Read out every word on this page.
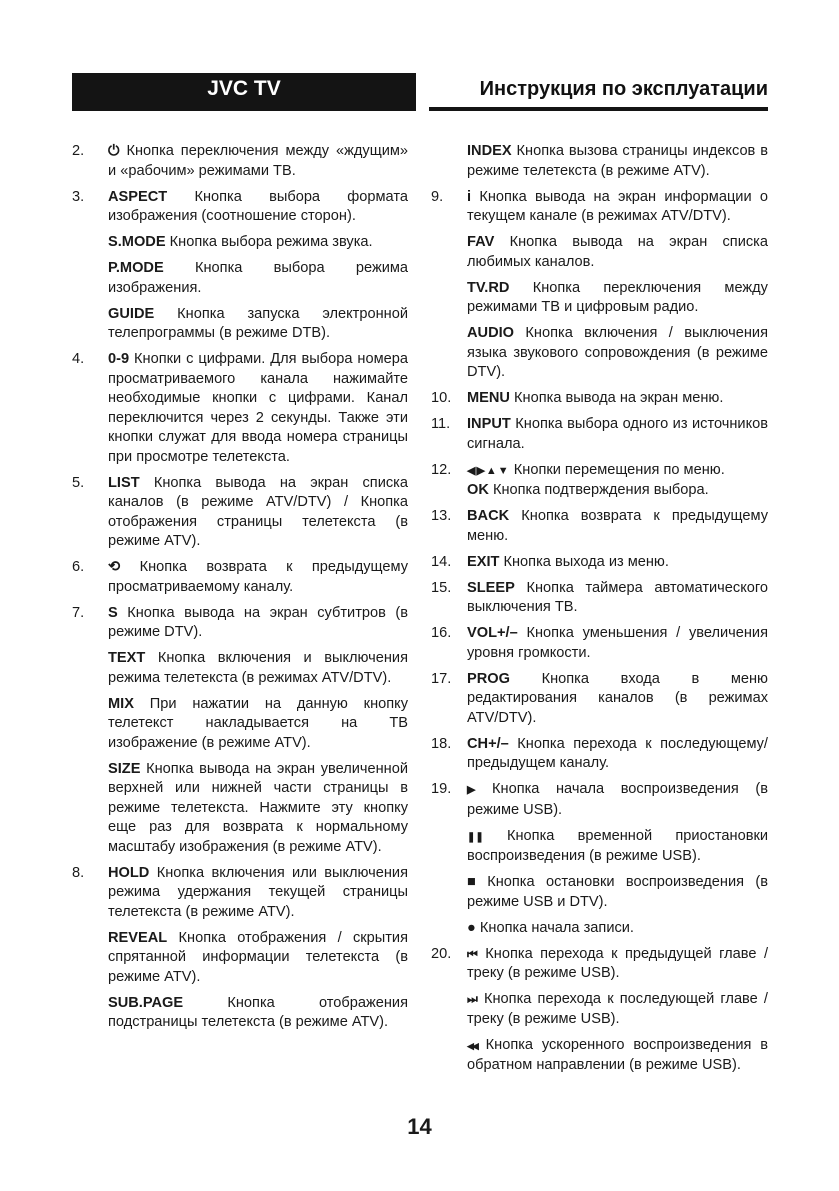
JVC TV	Инструкция по эксплуатации
2. ⏻ Кнопка переключения между «ждущим» и «рабочим» режимами ТВ.
3. ASPECT Кнопка выбора формата изображения (соотношение сторон).
S.MODE Кнопка выбора режима звука.
P.MODE Кнопка выбора режима изображения.
GUIDE Кнопка запуска электронной телепрограммы (в режиме DTB).
4. 0-9 Кнопки с цифрами. Для выбора номера просматриваемого канала нажимайте необходимые кнопки с цифрами. Канал переключится через 2 секунды. Также эти кнопки служат для ввода номера страницы при просмотре телетекста.
5. LIST Кнопка вывода на экран списка каналов (в режиме ATV/DTV) / Кнопка отображения страницы телетекста (в режиме ATV).
6. ⟲ Кнопка возврата к предыдущему просматриваемому каналу.
7. S Кнопка вывода на экран субтитров (в режиме DTV).
TEXT Кнопка включения и выключения режима телетекста (в режимах ATV/DTV).
MIX При нажатии на данную кнопку телетекст накладывается на ТВ изображение (в режиме ATV).
SIZE Кнопка вывода на экран увеличенной верхней или нижней части страницы в режиме телетекста. Нажмите эту кнопку еще раз для возврата к нормальному масштабу изображения (в режиме ATV).
8. HOLD Кнопка включения или выключения режима удержания текущей страницы телетекста (в режиме ATV).
REVEAL Кнопка отображения / скрытия спрятанной информации телетекста (в режиме ATV).
SUB.PAGE	Кнопка отображения подстраницы телетекста (в режиме ATV).
INDEX Кнопка вызова страницы индексов в режиме телетекста (в режиме ATV).
9. i Кнопка вывода на экран информации о текущем канале (в режимах ATV/DTV).
FAV Кнопка вывода на экран списка любимых каналов.
TV.RD Кнопка переключения между режимами ТВ и цифровым радио.
AUDIO Кнопка включения / выключения языка звукового сопровождения (в режиме DTV).
10. MENU Кнопка вывода на экран меню.
11. INPUT Кнопка выбора одного из источников сигнала.
12. ◀▶▲▼ Кнопки перемещения по меню.
OK Кнопка подтверждения выбора.
13. BACK Кнопка возврата к предыдущему меню.
14. EXIT Кнопка выхода из меню.
15. SLEEP Кнопка таймера автоматического выключения ТВ.
16. VOL+/– Кнопка уменьшения / увеличения уровня громкости.
17. PROG Кнопка входа в меню редактирования каналов (в режимах ATV/DTV).
18. CH+/– Кнопка перехода к последующему/предыдущем каналу.
19. ▶ Кнопка начала воспроизведения (в режиме USB).
❚❚ Кнопка временной приостановки воспроизведения (в режиме USB).
■ Кнопка остановки воспроизведения (в режиме USB и DTV).
● Кнопка начала записи.
20. ⏮ Кнопка перехода к предыдущей главе /треку (в режиме USB).
⏭ Кнопка перехода к последующей главе / треку (в режиме USB).
◀◀ Кнопка ускоренного воспроизведения в обратном направлении (в режиме USB).
14
